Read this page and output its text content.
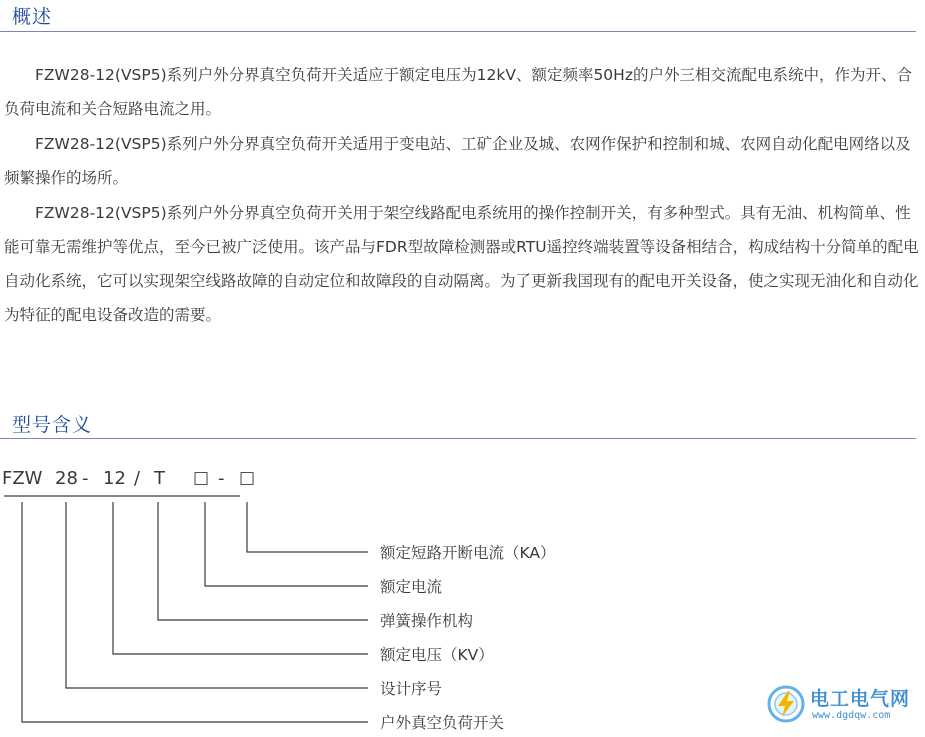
概述

FZW28-12(VSP5)系列户外分界真空负荷开关适应于额定电压为12kV、额定频率50Hz的户外三相交流配电系统中，作为开、合负荷电流和关合短路电流之用。

FZW28-12(VSP5)系列户外分界真空负荷开关适用于变电站、工矿企业及城、农网作保护和控制和城、农网自动化配电网络以及频繁操作的场所。

FZW28-12(VSP5)系列户外分界真空负荷开关用于架空线路配电系统用的操作控制开关，有多种型式。具有无油、机构简单、性能可靠无需维护等优点，至今已被广泛使用。该产品与FDR型故障检测器或RTU遥控终端装置等设备相结合，构成结构十分简单的配电自动化系统，它可以实现架空线路故障的自动定位和故障段的自动隔离。为了更新我国现有的配电开关设备，使之实现无油化和自动化为特征的配电设备改造的需要。

型号含义
FZW 28 - 12 / T □ - □
额定短路开断电流（KA）
额定电流
弹簧操作机构
额定电压（KV）
设计序号
户外真空负荷开关
电工电气网
www.dgdqw.com
